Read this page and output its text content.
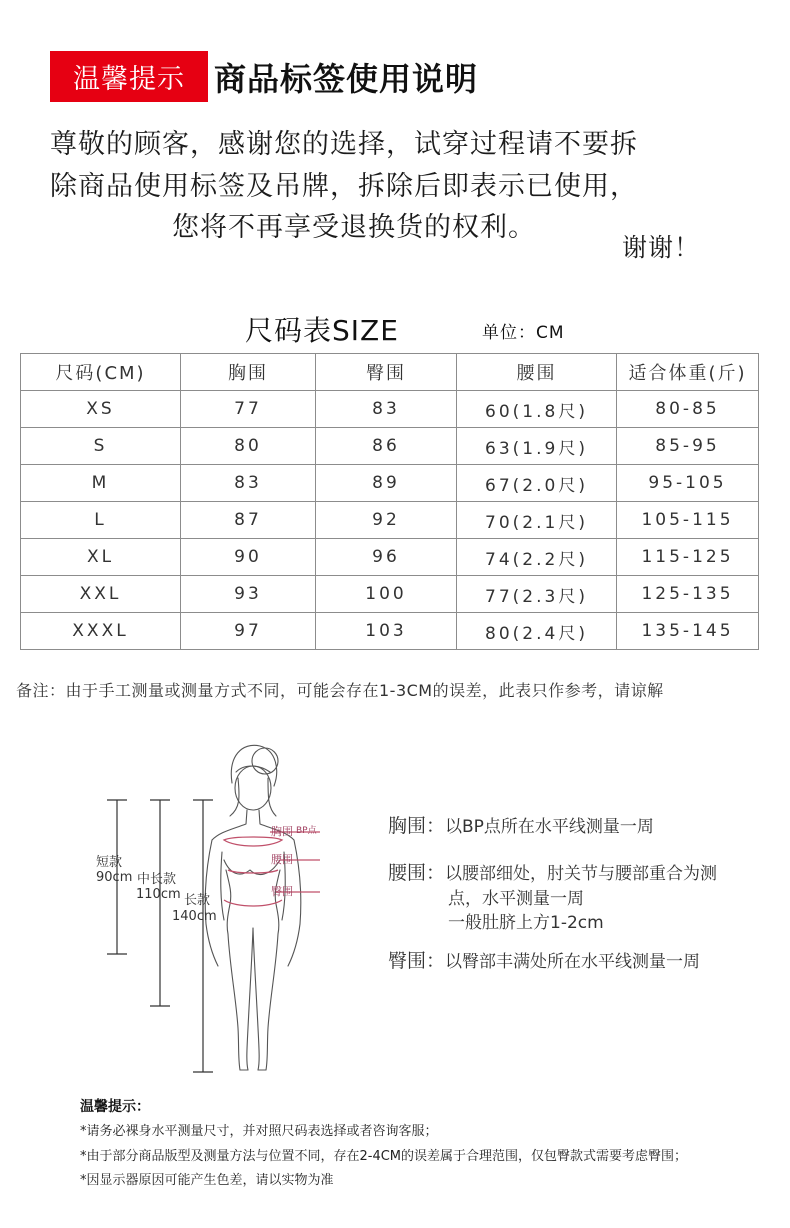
温馨提示 商品标签使用说明
尊敬的顾客，感谢您的选择，试穿过程请不要拆
除商品使用标签及吊牌，拆除后即表示已使用，
您将不再享受退换货的权利。
谢谢！
尺码表SIZE	单位：CM
尺码(CM)	胸围	臀围	腰围	适合体重(斤)
XS	77	83	60(1.8尺)	80-85
S	80	86	63(1.9尺)	85-95
M	83	89	67(2.0尺)	95-105
L	87	92	70(2.1尺)	105-115
XL	90	96	74(2.2尺)	115-125
XXL	93	100	77(2.3尺)	125-135
XXXL	97	103	80(2.4尺)	135-145
备注：由于手工测量或测量方式不同，可能会存在1-3CM的误差，此表只作参考，请谅解
胸围 BP点
腰围
臀围
短款
90cm 中长款
110cm 长款
140cm
胸围：以BP点所在水平线测量一周
腰围：以腰部细处，肘关节与腰部重合为测
点，水平测量一周
一般肚脐上方1-2cm
臀围：以臀部丰满处所在水平线测量一周
温馨提示：
*请务必裸身水平测量尺寸，并对照尺码表选择或者咨询客服；
*由于部分商品版型及测量方法与位置不同，存在2-4CM的误差属于合理范围，仅包臀款式需要考虑臀围；
*因显示器原因可能产生色差，请以实物为准
